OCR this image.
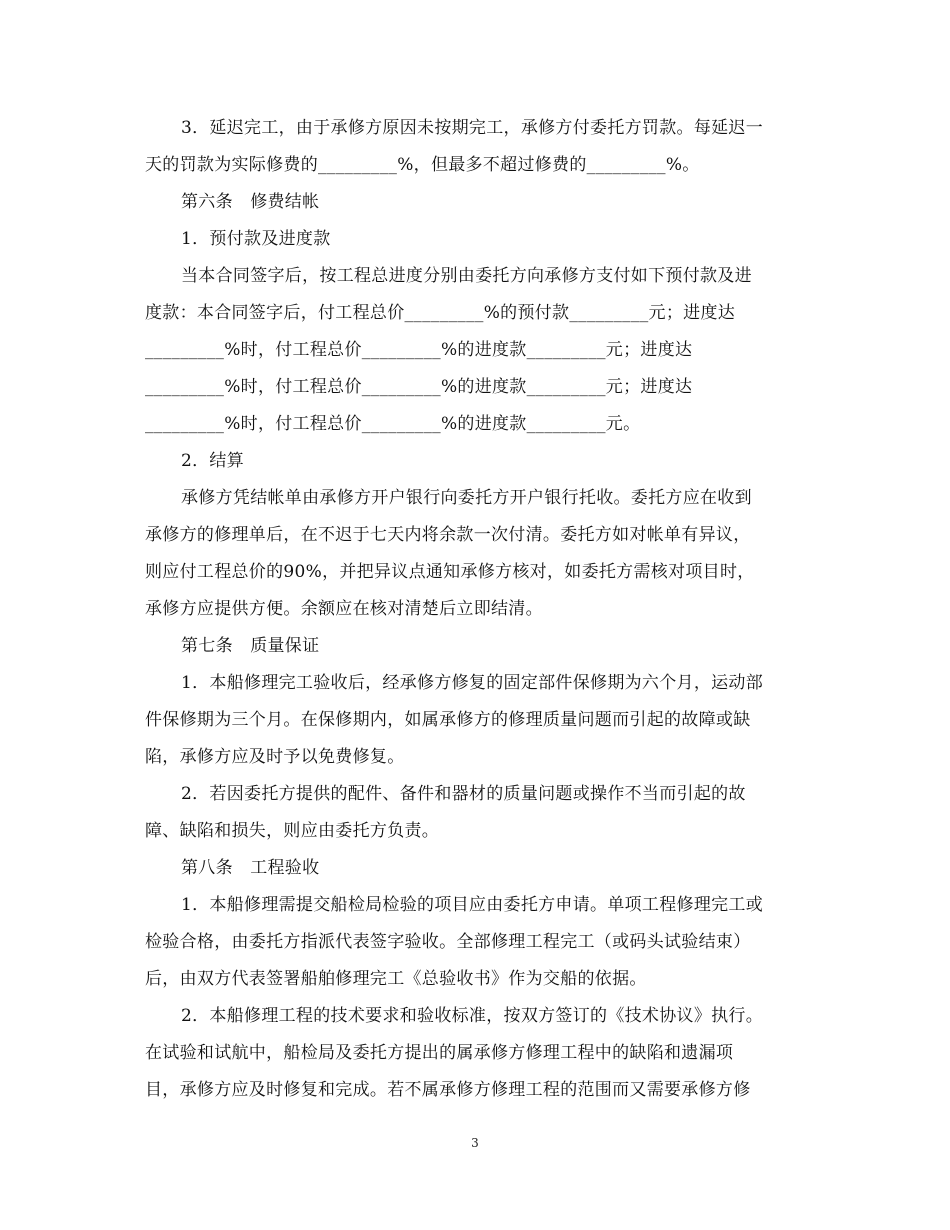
3．延迟完工，由于承修方原因未按期完工，承修方付委托方罚款。每延迟一
天的罚款为实际修费的_________%，但最多不超过修费的_________%。
第六条　修费结帐
1．预付款及进度款
当本合同签字后，按工程总进度分别由委托方向承修方支付如下预付款及进
度款：本合同签字后，付工程总价_________%的预付款_________元；进度达
_________%时，付工程总价_________%的进度款_________元；进度达
_________%时，付工程总价_________%的进度款_________元；进度达
_________%时，付工程总价_________%的进度款_________元。
2．结算
承修方凭结帐单由承修方开户银行向委托方开户银行托收。委托方应在收到
承修方的修理单后，在不迟于七天内将余款一次付清。委托方如对帐单有异议，
则应付工程总价的90%，并把异议点通知承修方核对，如委托方需核对项目时，
承修方应提供方便。余额应在核对清楚后立即结清。
第七条　质量保证
1．本船修理完工验收后，经承修方修复的固定部件保修期为六个月，运动部
件保修期为三个月。在保修期内，如属承修方的修理质量问题而引起的故障或缺
陷，承修方应及时予以免费修复。
2．若因委托方提供的配件、备件和器材的质量问题或操作不当而引起的故
障、缺陷和损失，则应由委托方负责。
第八条　工程验收
1．本船修理需提交船检局检验的项目应由委托方申请。单项工程修理完工或
检验合格，由委托方指派代表签字验收。全部修理工程完工（或码头试验结束）
后，由双方代表签署船舶修理完工《总验收书》作为交船的依据。
2．本船修理工程的技术要求和验收标准，按双方签订的《技术协议》执行。
在试验和试航中，船检局及委托方提出的属承修方修理工程中的缺陷和遗漏项
目，承修方应及时修复和完成。若不属承修方修理工程的范围而又需要承修方修
3
